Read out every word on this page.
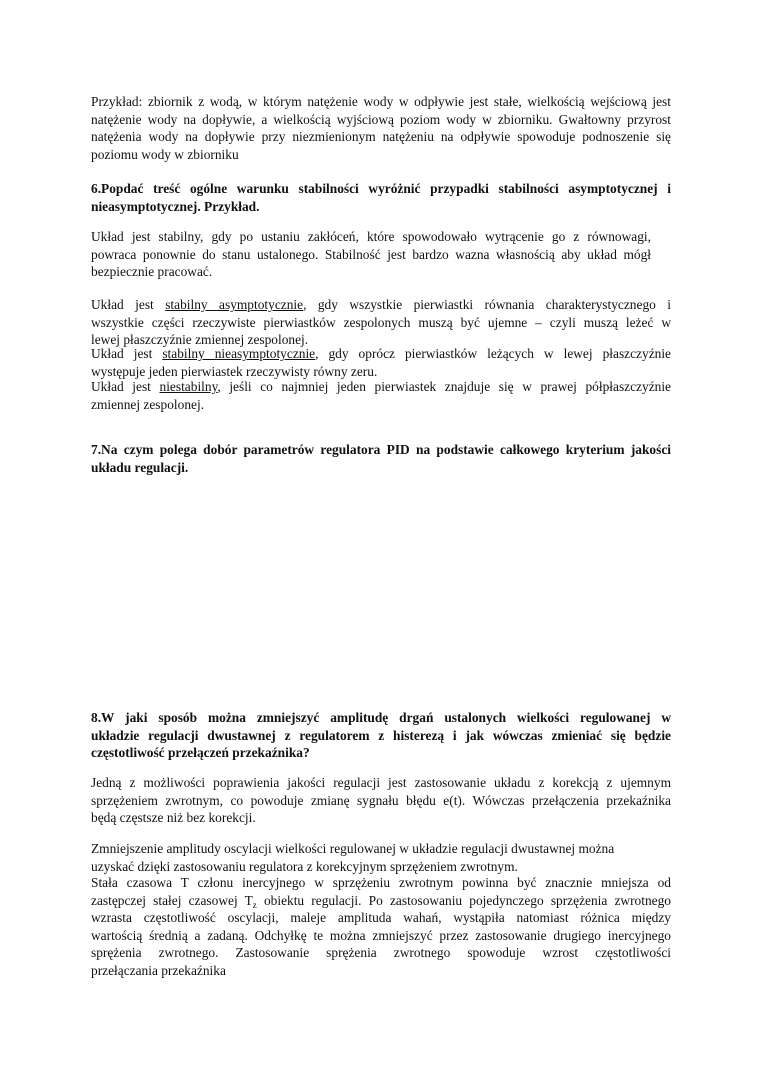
Przykład: zbiornik z wodą, w którym natężenie wody w odpływie jest stałe, wielkością wejściową jest
natężenie wody na dopływie, a wielkością wyjściową poziom wody w zbiorniku. Gwałtowny przyrost
natężenia wody na dopływie przy niezmienionym natężeniu na odpływie spowoduje podnoszenie się
poziomu wody w zbiorniku
6.Popdać treść ogólne warunku stabilności wyróżnić przypadki stabilności asymptotycznej i
nieasymptotycznej. Przykład.
Układ jest stabilny, gdy po ustaniu zakłóceń, które spowodowało wytrącenie go z równowagi,
powraca ponownie do stanu ustalonego. Stabilność jest bardzo wazna własnością aby układ mógł
bezpiecznie pracować.
Układ jest stabilny asymptotycznie, gdy wszystkie pierwiastki równania charakterystycznego i
wszystkie części rzeczywiste pierwiastków zespolonych muszą być ujemne – czyli muszą leżeć w
lewej płaszczyźnie zmiennej zespolonej.
Układ jest stabilny nieasymptotycznie, gdy oprócz pierwiastków leżących w lewej płaszczyźnie
występuje jeden pierwiastek rzeczywisty równy zeru.
Układ jest niestabilny, jeśli co najmniej jeden pierwiastek znajduje się w prawej półpłaszczyźnie
zmiennej zespolonej.
7.Na czym polega dobór parametrów regulatora PID na podstawie całkowego kryterium jakości
układu regulacji.
8.W jaki sposób można zmniejszyć amplitudę drgań ustalonych wielkości regulowanej w
układzie regulacji dwustawnej z regulatorem z histerezą i jak wówczas zmieniać się będzie
częstotliwość przełączeń przekaźnika?
Jedną z możliwości poprawienia jakości regulacji jest zastosowanie układu z korekcją z ujemnym
sprzężeniem zwrotnym, co powoduje zmianę sygnału błędu e(t). Wówczas przełączenia przekaźnika
będą częstsze niż bez korekcji.
Zmniejszenie amplitudy oscylacji wielkości regulowanej w układzie regulacji dwustawnej można
uzyskać dzięki zastosowaniu regulatora z korekcyjnym sprzężeniem zwrotnym.
Stała czasowa T członu inercyjnego w sprzężeniu zwrotnym powinna być znacznie mniejsza od
zastępczej stałej czasowej $T_z$ obiektu regulacji. Po zastosowaniu pojedynczego sprzężenia zwrotnego
wzrasta częstotliwość oscylacji, maleje amplituda wahań, wystąpiła natomiast różnica między
wartością średnią a zadaną. Odchyłkę te można zmniejszyć przez zastosowanie drugiego inercyjnego
sprężenia zwrotnego. Zastosowanie sprężenia zwrotnego spowoduje wzrost częstotliwości
przełączania przekaźnika
